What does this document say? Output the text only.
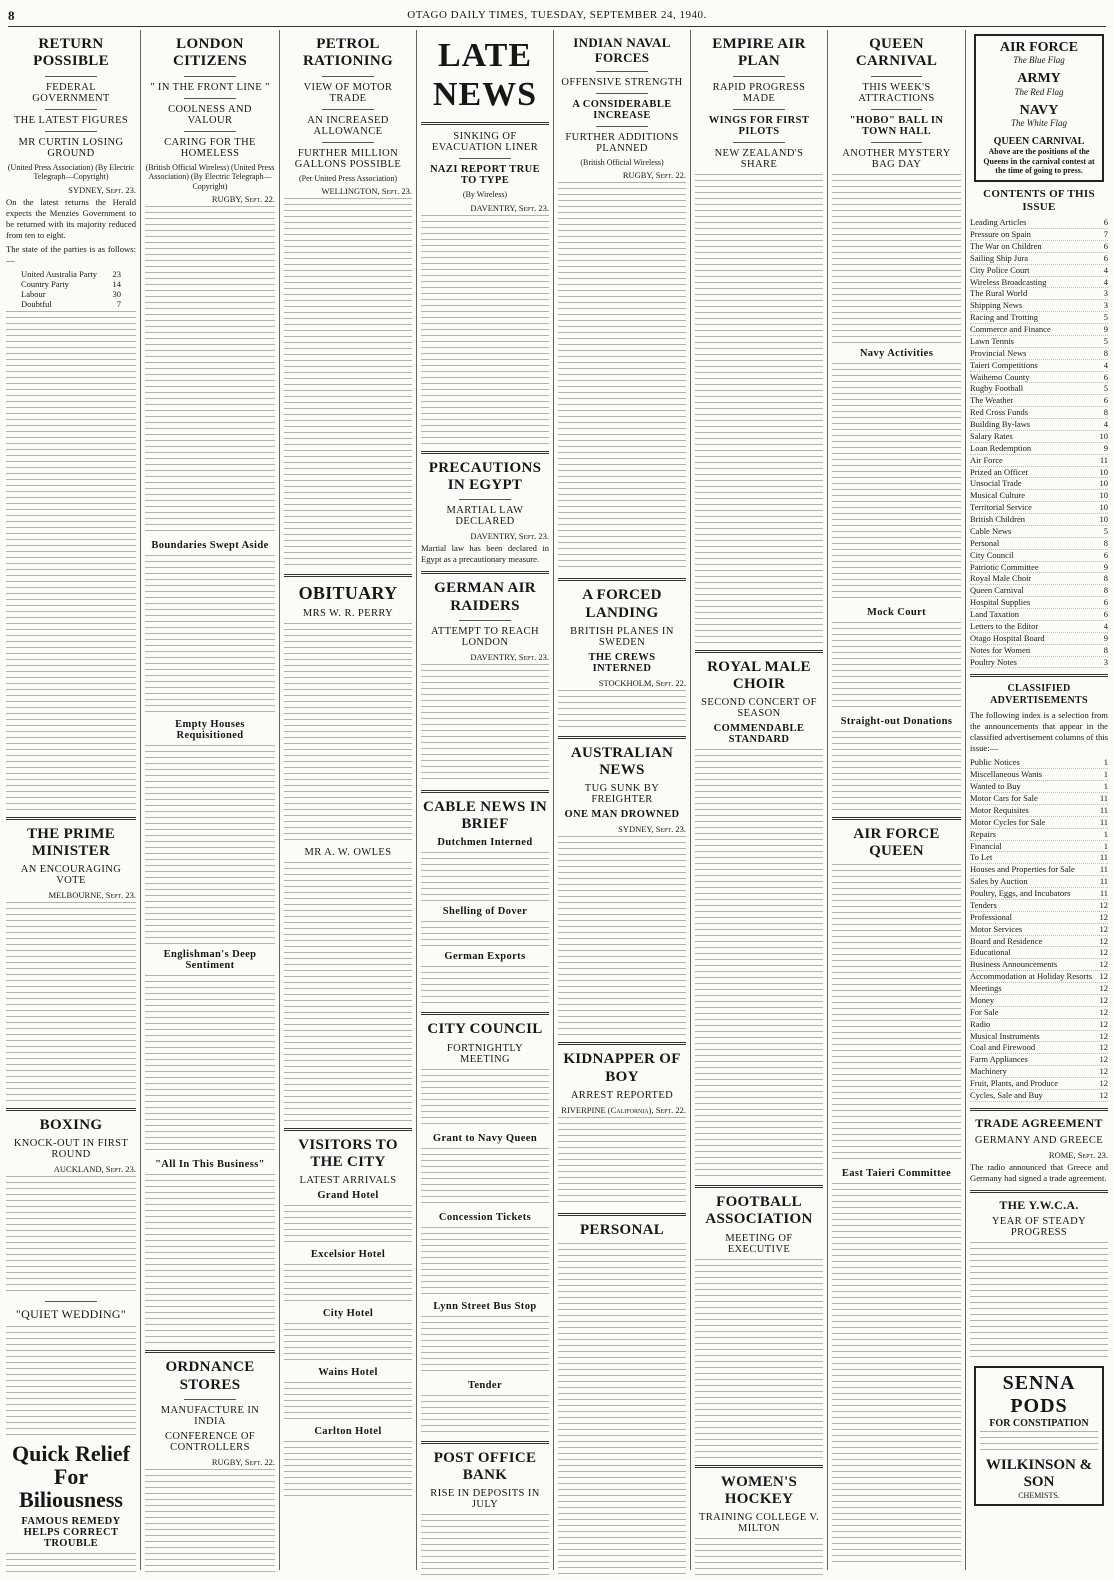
8	OTAGO DAILY TIMES, TUESDAY, SEPTEMBER 24, 1940.
RETURN POSSIBLE
FEDERAL GOVERNMENT
THE LATEST FIGURES
MR CURTIN LOSING GROUND
(United Press Association) (By Electric Telegraph—Copyright)
SYDNEY, Sept. 23.
On the latest returns the Herald expects the Menzies Government to be returned with its majority reduced from ten to eight.
The state of the parties is as follows:—
United Australia Party	23
Country Party	14
Labour	30
Doubtful	7
THE PRIME MINISTER
AN ENCOURAGING VOTE
MELBOURNE, Sept. 23.
BOXING
KNOCK-OUT IN FIRST ROUND
AUCKLAND, Sept. 23.
"QUIET WEDDING"
Quick Relief For Biliousness
FAMOUS REMEDY HELPS CORRECT TROUBLE
LONDON CITIZENS
" IN THE FRONT LINE "
COOLNESS AND VALOUR
CARING FOR THE HOMELESS
(British Official Wireless) (United Press Association) (By Electric Telegraph—Copyright)
RUGBY, Sept. 22.
Boundaries Swept Aside
Empty Houses Requisitioned
Englishman's Deep Sentiment
"All In This Business"
ORDNANCE STORES
MANUFACTURE IN INDIA
CONFERENCE OF CONTROLLERS
RUGBY, Sept. 22.
PETROL RATIONING
VIEW OF MOTOR TRADE
AN INCREASED ALLOWANCE
FURTHER MILLION GALLONS POSSIBLE
(Per United Press Association)
WELLINGTON, Sept. 23.
OBITUARY
MRS W. R. PERRY
MR A. W. OWLES
VISITORS TO THE CITY
LATEST ARRIVALS
Grand Hotel
Excelsior Hotel
City Hotel
Wains Hotel
Carlton Hotel
LATE NEWS
SINKING OF EVACUATION LINER
NAZI REPORT TRUE TO TYPE
(By Wireless)
DAVENTRY, Sept. 23.
PRECAUTIONS IN EGYPT
MARTIAL LAW DECLARED
DAVENTRY, Sept. 23.
Martial law has been declared in Egypt as a precautionary measure.
GERMAN AIR RAIDERS
ATTEMPT TO REACH LONDON
DAVENTRY, Sept. 23.
CABLE NEWS IN BRIEF
Dutchmen Interned
Shelling of Dover
German Exports
CITY COUNCIL
FORTNIGHTLY MEETING
Grant to Navy Queen
Concession Tickets
Lynn Street Bus Stop
Tender
POST OFFICE BANK
RISE IN DEPOSITS IN JULY
INDIAN NAVAL FORCES
OFFENSIVE STRENGTH
A CONSIDERABLE INCREASE
FURTHER ADDITIONS PLANNED
(British Official Wireless)
RUGBY, Sept. 22.
A FORCED LANDING
BRITISH PLANES IN SWEDEN
THE CREWS INTERNED
STOCKHOLM, Sept. 22.
AUSTRALIAN NEWS
TUG SUNK BY FREIGHTER
ONE MAN DROWNED
SYDNEY, Sept. 23.
KIDNAPPER OF BOY
ARREST REPORTED
RIVERPINE (California), Sept. 22.
PERSONAL
EMPIRE AIR PLAN
RAPID PROGRESS MADE
WINGS FOR FIRST PILOTS
NEW ZEALAND'S SHARE
ROYAL MALE CHOIR
SECOND CONCERT OF SEASON
COMMENDABLE STANDARD
FOOTBALL ASSOCIATION
MEETING OF EXECUTIVE
WOMEN'S HOCKEY
TRAINING COLLEGE V. MILTON
QUEEN CARNIVAL
THIS WEEK'S ATTRACTIONS
"HOBO" BALL IN TOWN HALL
ANOTHER MYSTERY BAG DAY
Navy Activities
Mock Court
Straight-out Donations
AIR FORCE QUEEN
East Taieri Committee
AIR FORCE
The Blue Flag
ARMY
The Red Flag
NAVY
The White Flag
QUEEN CARNIVAL
Above are the positions of the Queens in the carnival contest at the time of going to press.
CONTENTS OF THIS ISSUE
Leading Articles	6
Pressure on Spain	7
The War on Children	6
Sailing Ship Jura	6
City Police Court	4
Wireless Broadcasting	4
The Rural World	3
Shipping News	3
Racing and Trotting	5
Commerce and Finance	9
Lawn Tennis	5
Provincial News	8
Taieri Competitions	4
Waihemo County	6
Rugby Football	5
The Weather	6
Red Cross Funds	8
Building By-laws	4
Salary Rates	10
Loan Redemption	9
Air Force	11
Prized an Officer	10
Unsocial Trade	10
Musical Culture	10
Territorial Service	10
British Children	10
Cable News	5
Personal	8
City Council	6
Patriotic Committee	9
Royal Male Choir	8
Queen Carnival	8
Hospital Supplies	6
Land Taxation	6
Letters to the Editor	4
Otago Hospital Board	9
Notes for Women	8
Poultry Notes	3
CLASSIFIED ADVERTISEMENTS
The following index is a selection from the announcements that appear in the classified advertisement columns of this issue:—
Public Notices	1
Miscellaneous Wants	1
Wanted to Buy	1
Motor Cars for Sale	11
Motor Requisites	11
Motor Cycles for Sale	11
Repairs	1
Financial	1
To Let	11
Houses and Properties for Sale	11
Sales by Auction	11
Poultry, Eggs, and Incubators	11
Tenders	12
Professional	12
Motor Services	12
Board and Residence	12
Educational	12
Business Announcements	12
Accommodation at Holiday Resorts 12
Meetings	12
Money	12
For Sale	12
Radio	12
Musical Instruments	12
Coal and Firewood	12
Farm Appliances	12
Machinery	12
Fruit, Plants, and Produce	12
Cycles, Sale and Buy	12
TRADE AGREEMENT
GERMANY AND GREECE
ROME, Sept. 23.
The radio announced that Greece and Germany had signed a trade agreement.
THE Y.W.C.A.
YEAR OF STEADY PROGRESS
SENNA PODS
FOR CONSTIPATION
WILKINSON & SON
CHEMISTS.
